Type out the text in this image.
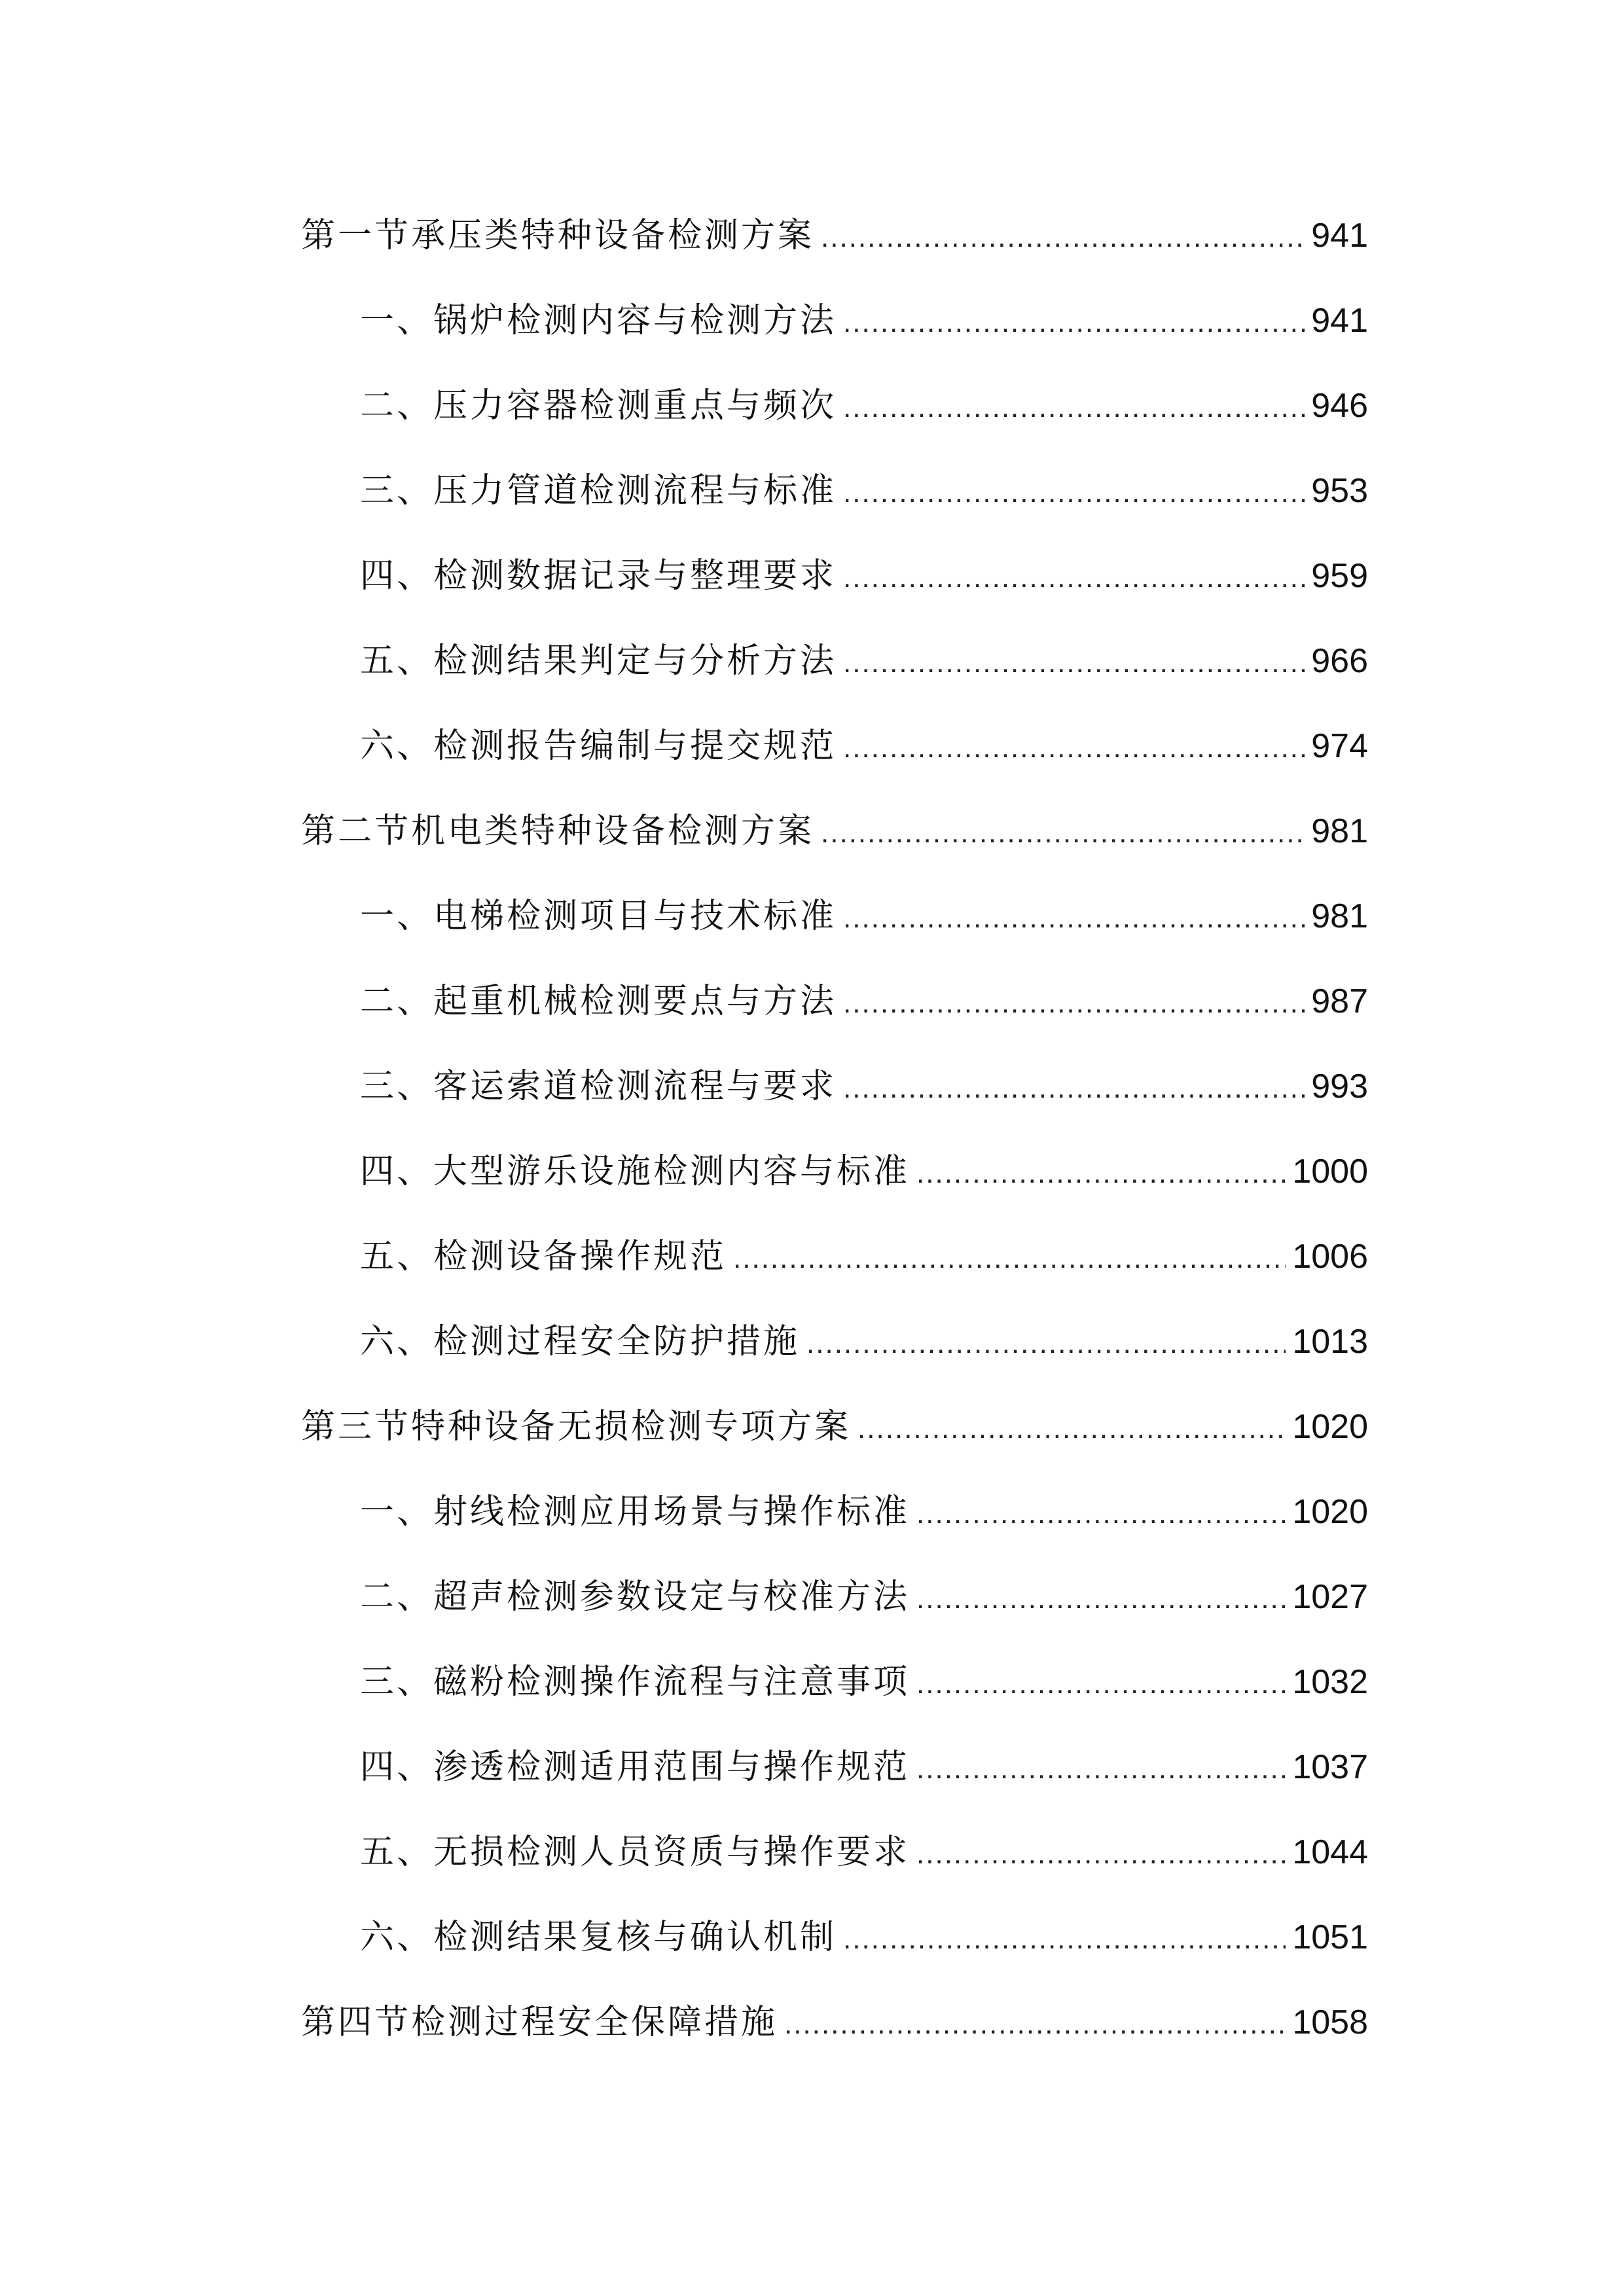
第一节承压类特种设备检测方案 .....	941
一、锅炉检测内容与检测方法 .....	941
二、压力容器检测重点与频次 .....	946
三、压力管道检测流程与标准 .....	953
四、检测数据记录与整理要求 .....	959
五、检测结果判定与分析方法 .....	966
六、检测报告编制与提交规范 .....	974
第二节机电类特种设备检测方案 .....	981
一、电梯检测项目与技术标准 .....	981
二、起重机械检测要点与方法 .....	987
三、客运索道检测流程与要求 .....	993
四、大型游乐设施检测内容与标准 .....	1000
五、检测设备操作规范 .....	1006
六、检测过程安全防护措施 .....	1013
第三节特种设备无损检测专项方案 .....	1020
一、射线检测应用场景与操作标准 .....	1020
二、超声检测参数设定与校准方法 .....	1027
三、磁粉检测操作流程与注意事项 .....	1032
四、渗透检测适用范围与操作规范 .....	1037
五、无损检测人员资质与操作要求 .....	1044
六、检测结果复核与确认机制 .....	1051
第四节检测过程安全保障措施 .....	1058
